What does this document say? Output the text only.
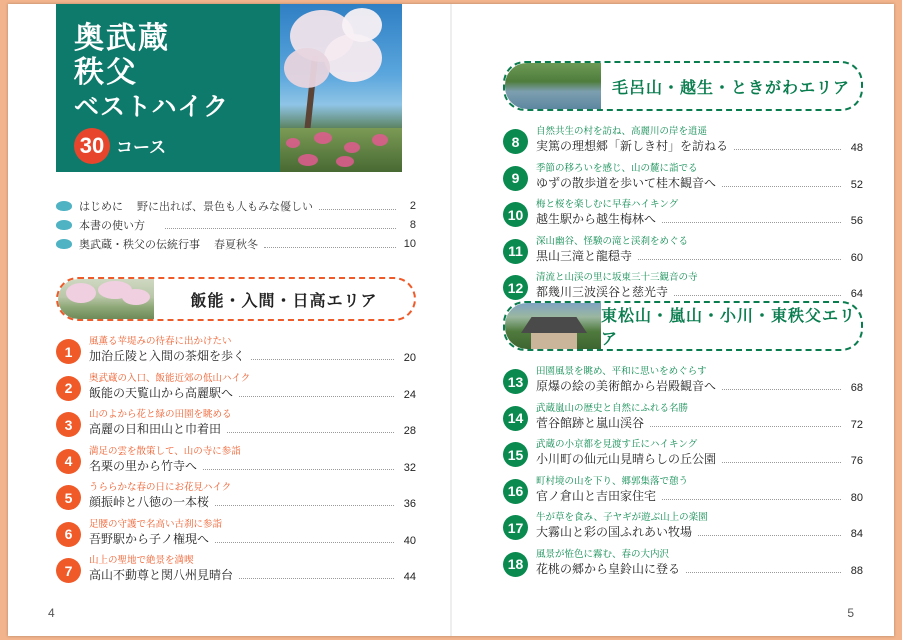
奥武蔵
秩父
ベストハイク
30 コース
はじめに 野に出れば、景色も人もみな優しい	2
本書の使い方	8
奥武蔵・秩父の伝統行事 春夏秋冬	10
飯能・入間・日高エリア
1
風薫る苹堤みの待春に出かけたい
加治丘陵と入間の茶畑を歩く	20
2
奥武蔵の入口、飯能近郊の低山ハイク
飯能の天覧山から高麗駅へ	24
3
山のよから花と緑の田園を眺める
高麗の日和田山と巾着田	28
4
満足の雲を散策して、山の寺に参詣
名栗の里から竹寺へ	32
5
うららかな春の日にお花見ハイク
顔振峠と八徳の一本桜	36
6
足腰の守護で名高い古刹に参詣
吾野駅から子ノ権現へ	40
7
山上の聖地で絶景を満喫
高山不動尊と関八州見晴台	44
4
毛呂山・越生・ときがわエリア
8
自然共生の村を訪ね、高麗川の岸を逍遥
実篤の理想郷「新しき村」を訪ねる	48
9
季節の移ろいを感じ、山の麓に詣でる
ゆずの散歩道を歩いて桂木観音へ	52
10
梅と桜を楽しむに早春ハイキング
越生駅から越生梅林へ	56
11
深山幽谷、怪験の滝と渓刹をめぐる
黒山三滝と龍穏寺	60
12
清流と山渓の里に坂東三十三観音の寺
都幾川三波渓谷と慈光寺	64
東松山・嵐山・小川・東秩父エリア
13
田園風景を眺め、平和に思いをめぐらす
原爆の絵の美術館から岩殿観音へ	68
14
武蔵嵐山の歴史と自然にふれる名勝
菅谷館跡と嵐山渓谷	72
15
武蔵の小京都を見渡す丘にハイキング
小川町の仙元山見晴らしの丘公園	76
16
町村境の山を下り、郷郭集落で憩う
官ノ倉山と吉田家住宅	80
17
牛が草を食み、子ヤギが遊ぶ山上の楽園
大霧山と彩の国ふれあい牧場	84
18
風景が恠色に霧む、春の大内沢
花桃の郷から皇鈴山に登る	88
5
